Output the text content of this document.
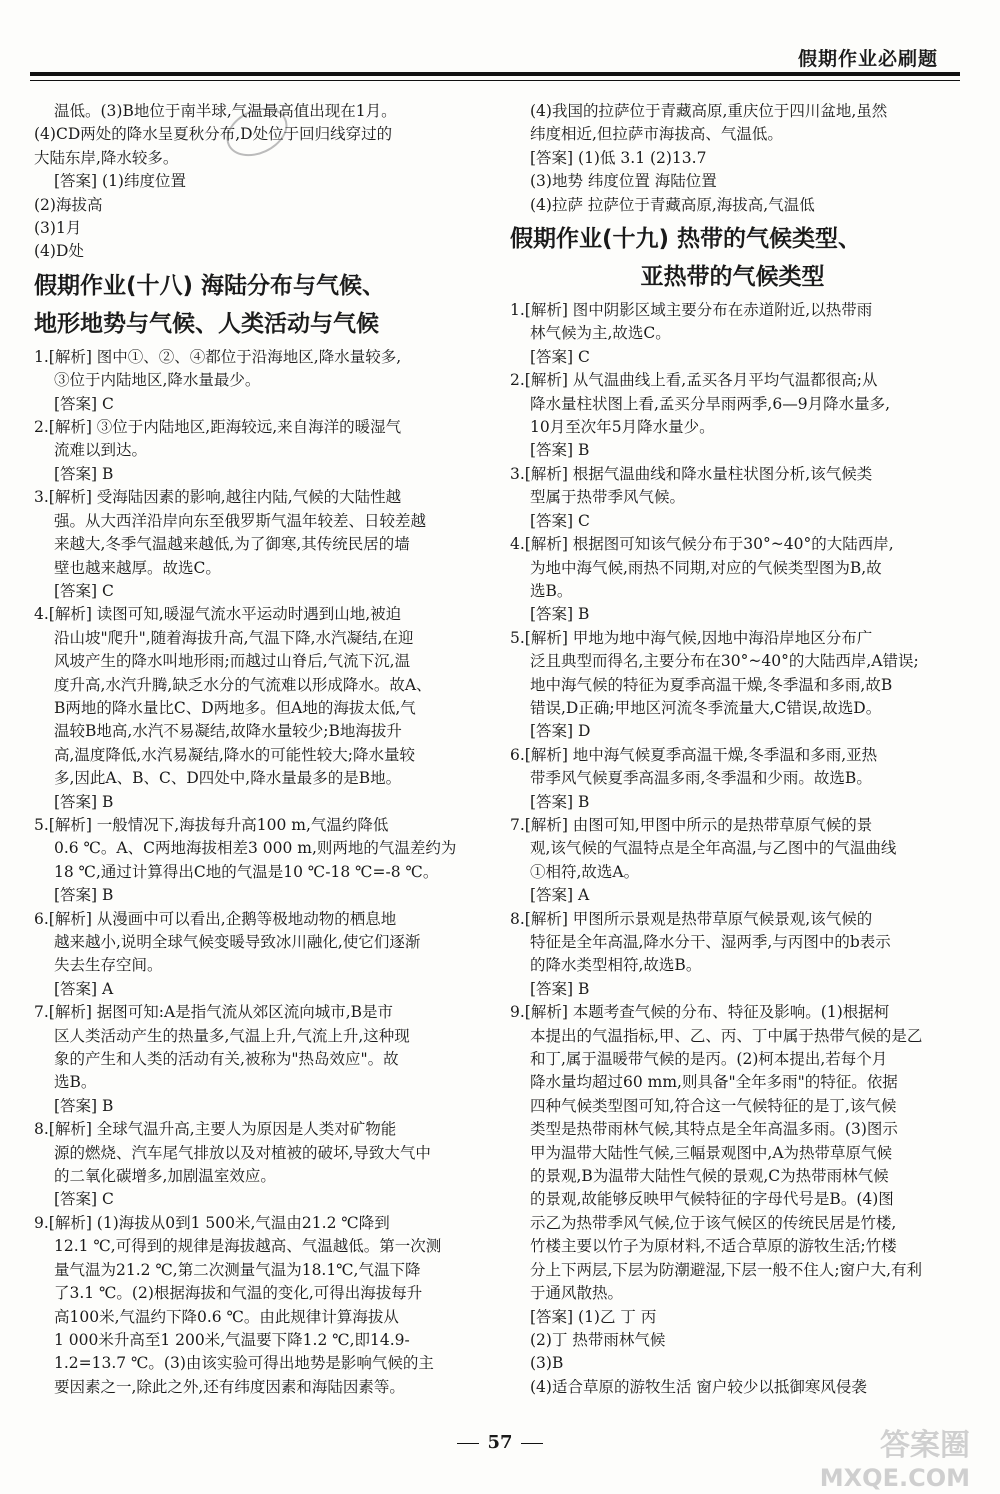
假期作业必刷题
温低。(3)B地位于南半球,气温最高值出现在1月。
(4)CD两处的降水呈夏秋分布,D处位于回归线穿过的
大陆东岸,降水较多。
[答案] (1)纬度位置
(2)海拔高
(3)1月
(4)D处
假期作业(十八) 海陆分布与气候、
地形地势与气候、人类活动与气候
1.[解析] 图中①、②、④都位于沿海地区,降水量较多,
③位于内陆地区,降水量最少。
[答案] C
2.[解析] ③位于内陆地区,距海较远,来自海洋的暖湿气
流难以到达。
[答案] B
3.[解析] 受海陆因素的影响,越往内陆,气候的大陆性越
强。从大西洋沿岸向东至俄罗斯气温年较差、日较差越
来越大,冬季气温越来越低,为了御寒,其传统民居的墙
壁也越来越厚。故选C。
[答案] C
4.[解析] 读图可知,暖湿气流水平运动时遇到山地,被迫
沿山坡"爬升",随着海拔升高,气温下降,水汽凝结,在迎
风坡产生的降水叫地形雨;而越过山脊后,气流下沉,温
度升高,水汽升腾,缺乏水分的气流难以形成降水。故A、
B两地的降水量比C、D两地多。但A地的海拔太低,气
温较B地高,水汽不易凝结,故降水量较少;B地海拔升
高,温度降低,水汽易凝结,降水的可能性较大;降水量较
多,因此A、B、C、D四处中,降水量最多的是B地。
[答案] B
5.[解析] 一般情况下,海拔每升高100 m,气温约降低
0.6 ℃。A、C两地海拔相差3 000 m,则两地的气温差约为
18 ℃,通过计算得出C地的气温是10 ℃-18 ℃=-8 ℃。
[答案] B
6.[解析] 从漫画中可以看出,企鹅等极地动物的栖息地
越来越小,说明全球气候变暖导致冰川融化,使它们逐渐
失去生存空间。
[答案] A
7.[解析] 据图可知:A是指气流从郊区流向城市,B是市
区人类活动产生的热量多,气温上升,气流上升,这种现
象的产生和人类的活动有关,被称为"热岛效应"。故
选B。
[答案] B
8.[解析] 全球气温升高,主要人为原因是人类对矿物能
源的燃烧、汽车尾气排放以及对植被的破坏,导致大气中
的二氧化碳增多,加剧温室效应。
[答案] C
9.[解析] (1)海拔从0到1 500米,气温由21.2 ℃降到
12.1 ℃,可得到的规律是海拔越高、气温越低。第一次测
量气温为21.2 ℃,第二次测量气温为18.1℃,气温下降
了3.1 ℃。(2)根据海拔和气温的变化,可得出海拔每升
高100米,气温约下降0.6 ℃。由此规律计算海拔从
1 000米升高至1 200米,气温要下降1.2 ℃,即14.9-
1.2=13.7 ℃。(3)由该实验可得出地势是影响气候的主
要因素之一,除此之外,还有纬度因素和海陆因素等。
(4)我国的拉萨位于青藏高原,重庆位于四川盆地,虽然
纬度相近,但拉萨市海拔高、气温低。
[答案] (1)低 3.1 (2)13.7
(3)地势 纬度位置 海陆位置
(4)拉萨 拉萨位于青藏高原,海拔高,气温低
假期作业(十九) 热带的气候类型、
亚热带的气候类型
1.[解析] 图中阴影区域主要分布在赤道附近,以热带雨
林气候为主,故选C。
[答案] C
2.[解析] 从气温曲线上看,孟买各月平均气温都很高;从
降水量柱状图上看,孟买分旱雨两季,6—9月降水量多,
10月至次年5月降水量少。
[答案] B
3.[解析] 根据气温曲线和降水量柱状图分析,该气候类
型属于热带季风气候。
[答案] C
4.[解析] 根据图可知该气候分布于30°~40°的大陆西岸,
为地中海气候,雨热不同期,对应的气候类型图为B,故
选B。
[答案] B
5.[解析] 甲地为地中海气候,因地中海沿岸地区分布广
泛且典型而得名,主要分布在30°~40°的大陆西岸,A错误;
地中海气候的特征为夏季高温干燥,冬季温和多雨,故B
错误,D正确;甲地区河流冬季流量大,C错误,故选D。
[答案] D
6.[解析] 地中海气候夏季高温干燥,冬季温和多雨,亚热
带季风气候夏季高温多雨,冬季温和少雨。故选B。
[答案] B
7.[解析] 由图可知,甲图中所示的是热带草原气候的景
观,该气候的气温特点是全年高温,与乙图中的气温曲线
①相符,故选A。
[答案] A
8.[解析] 甲图所示景观是热带草原气候景观,该气候的
特征是全年高温,降水分干、湿两季,与丙图中的b表示
的降水类型相符,故选B。
[答案] B
9.[解析] 本题考查气候的分布、特征及影响。(1)根据柯
本提出的气温指标,甲、乙、丙、丁中属于热带气候的是乙
和丁,属于温暖带气候的是丙。(2)柯本提出,若每个月
降水量均超过60 mm,则具备"全年多雨"的特征。依据
四种气候类型图可知,符合这一气候特征的是丁,该气候
类型是热带雨林气候,其特点是全年高温多雨。(3)图示
甲为温带大陆性气候,三幅景观图中,A为热带草原气候
的景观,B为温带大陆性气候的景观,C为热带雨林气候
的景观,故能够反映甲气候特征的字母代号是B。(4)图
示乙为热带季风气候,位于该气候区的传统民居是竹楼,
竹楼主要以竹子为原材料,不适合草原的游牧生活;竹楼
分上下两层,下层为防潮避湿,下层一般不住人;窗户大,有利
于通风散热。
[答案] (1)乙 丁 丙
(2)丁 热带雨林气候
(3)B
(4)适合草原的游牧生活 窗户较少以抵御寒风侵袭
57	答案圈
MXQE.COM
